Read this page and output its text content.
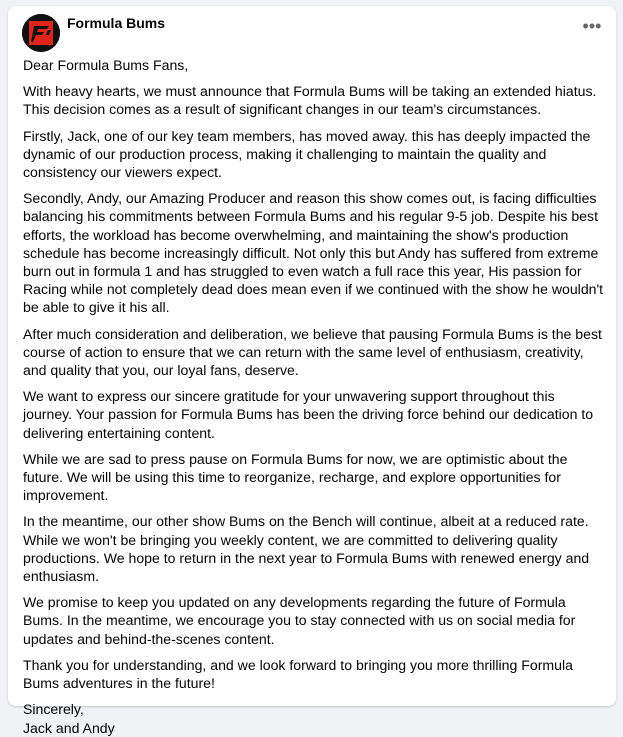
Formula Bums	•••

Dear Formula Bums Fans,

With heavy hearts, we must announce that Formula Bums will be taking an extended hiatus. This decision comes as a result of significant changes in our team's circumstances.

Firstly, Jack, one of our key team members, has moved away. this has deeply impacted the dynamic of our production process, making it challenging to maintain the quality and consistency our viewers expect.

Secondly, Andy, our Amazing Producer and reason this show comes out, is facing difficulties balancing his commitments between Formula Bums and his regular 9-5 job. Despite his best efforts, the workload has become overwhelming, and maintaining the show's production schedule has become increasingly difficult. Not only this but Andy has suffered from extreme burn out in formula 1 and has struggled to even watch a full race this year, His passion for Racing while not completely dead does mean even if we continued with the show he wouldn't be able to give it his all.

After much consideration and deliberation, we believe that pausing Formula Bums is the best course of action to ensure that we can return with the same level of enthusiasm, creativity, and quality that you, our loyal fans, deserve.

We want to express our sincere gratitude for your unwavering support throughout this journey. Your passion for Formula Bums has been the driving force behind our dedication to delivering entertaining content.

While we are sad to press pause on Formula Bums for now, we are optimistic about the future. We will be using this time to reorganize, recharge, and explore opportunities for improvement.

In the meantime, our other show Bums on the Bench will continue, albeit at a reduced rate. While we won't be bringing you weekly content, we are committed to delivering quality productions. We hope to return in the next year to Formula Bums with renewed energy and enthusiasm.

We promise to keep you updated on any developments regarding the future of Formula Bums. In the meantime, we encourage you to stay connected with us on social media for updates and behind-the-scenes content.

Thank you for understanding, and we look forward to bringing you more thrilling Formula Bums adventures in the future!

Sincerely,
Jack and Andy
